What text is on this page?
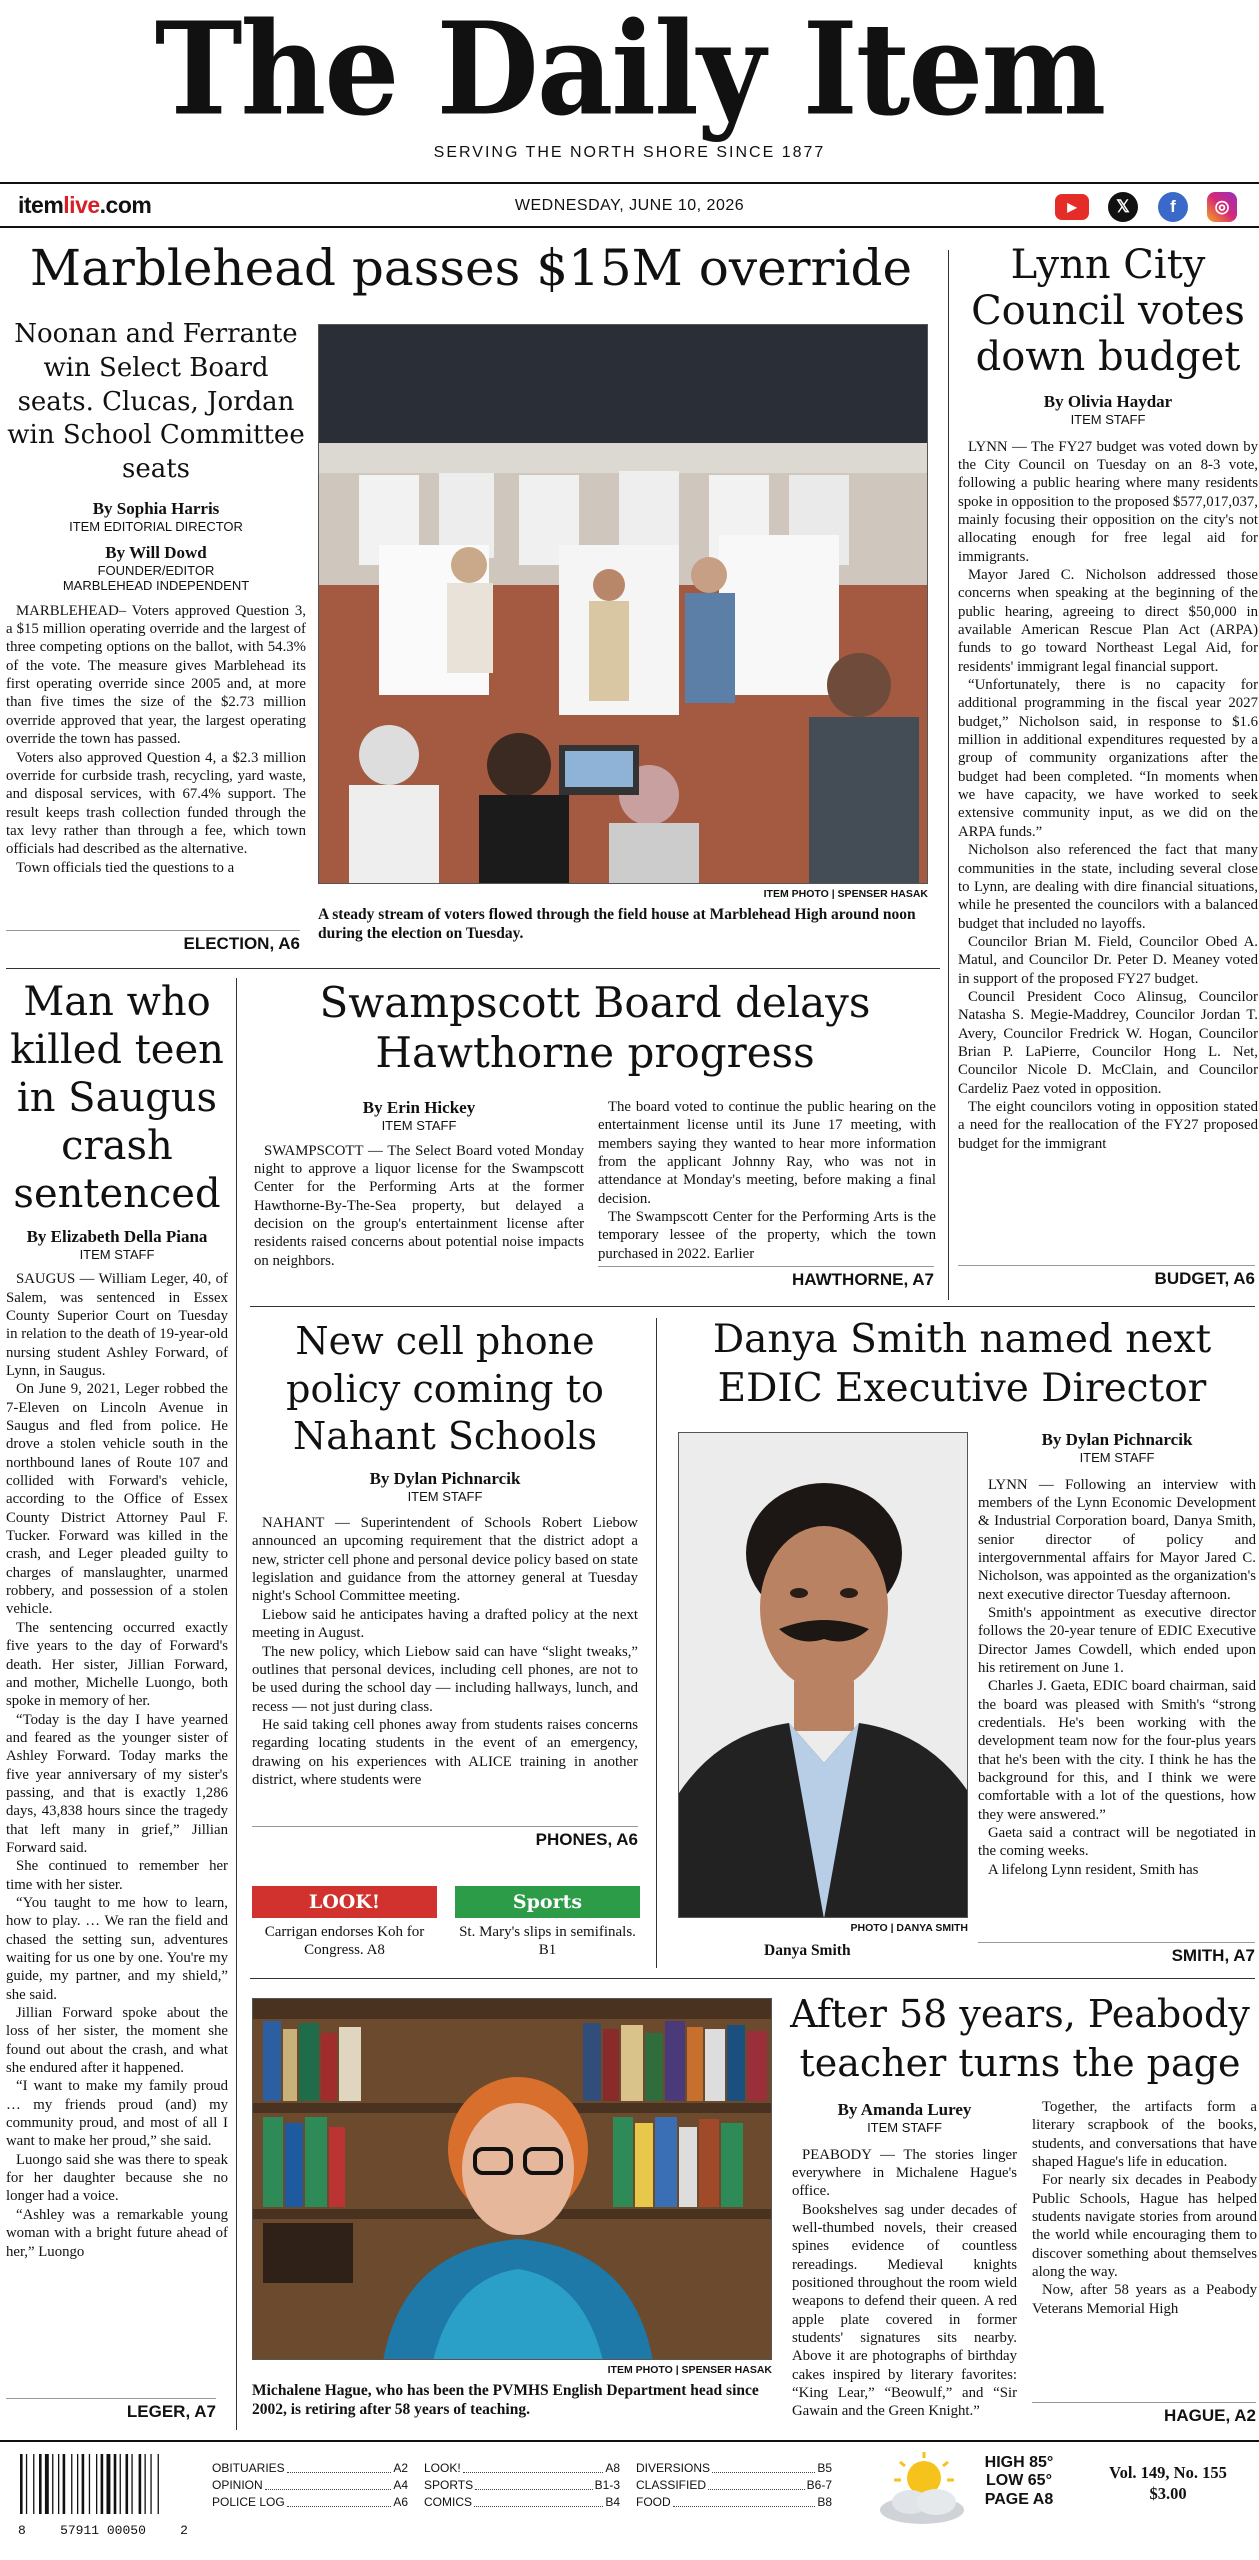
The Daily Item
SERVING THE NORTH SHORE SINCE 1877
itemlive.com	WEDNESDAY, JUNE 10, 2026	▶	𝕏	f	◎
Marblehead passes $15M override
Noonan and Ferrante win Select Board seats. Clucas, Jordan win School Committee seats
By Sophia Harris
ITEM EDITORIAL DIRECTOR
By Will Dowd
FOUNDER/EDITOR
MARBLEHEAD INDEPENDENT

MARBLEHEAD– Voters approved Question 3, a $15 million operating override and the largest of three competing options on the ballot, with 54.3% of the vote. The measure gives Marblehead its first operating override since 2005 and, at more than five times the size of the $2.73 million override approved that year, the largest operating override the town has passed.

Voters also approved Question 4, a $2.3 million override for curbside trash, recycling, yard waste, and disposal services, with 67.4% support. The result keeps trash collection funded through the tax levy rather than through a fee, which town officials had described as the alternative.

Town officials tied the questions to a

ELECTION, A6
ITEM PHOTO | SPENSER HASAK
A steady stream of voters flowed through the field house at Marblehead High around noon during the election on Tuesday.
Lynn City Council votes down budget
By Olivia Haydar
ITEM STAFF

LYNN — The FY27 budget was voted down by the City Council on Tuesday on an 8-3 vote, following a public hearing where many residents spoke in opposition to the proposed $577,017,037, mainly focusing their opposition on the city's not allocating enough for free legal aid for immigrants.

Mayor Jared C. Nicholson addressed those concerns when speaking at the beginning of the public hearing, agreeing to direct $50,000 in available American Rescue Plan Act (ARPA) funds to go toward Northeast Legal Aid, for residents' immigrant legal financial support.

“Unfortunately, there is no capacity for additional programming in the fiscal year 2027 budget,” Nicholson said, in response to $1.6 million in additional expenditures requested by a group of community organizations after the budget had been completed. “In moments when we have capacity, we have worked to seek extensive community input, as we did on the ARPA funds.”

Nicholson also referenced the fact that many communities in the state, including several close to Lynn, are dealing with dire financial situations, while he presented the councilors with a balanced budget that included no layoffs.

Councilor Brian M. Field, Councilor Obed A. Matul, and Councilor Dr. Peter D. Meaney voted in support of the proposed FY27 budget.

Council President Coco Alinsug, Councilor Natasha S. Megie-Maddrey, Councilor Jordan T. Avery, Councilor Fredrick W. Hogan, Councilor Brian P. LaPierre, Councilor Hong L. Net, Councilor Nicole D. McClain, and Councilor Cardeliz Paez voted in opposition.

The eight councilors voting in opposition stated a need for the reallocation of the FY27 proposed budget for the immigrant

BUDGET, A6
Man who killed teen in Saugus crash sentenced
By Elizabeth Della Piana
ITEM STAFF

SAUGUS — William Leger, 40, of Salem, was sentenced in Essex County Superior Court on Tuesday in relation to the death of 19-year-old nursing student Ashley Forward, of Lynn, in Saugus.

On June 9, 2021, Leger robbed the 7-Eleven on Lincoln Avenue in Saugus and fled from police. He drove a stolen vehicle south in the northbound lanes of Route 107 and collided with Forward's vehicle, according to the Office of Essex County District Attorney Paul F. Tucker. Forward was killed in the crash, and Leger pleaded guilty to charges of manslaughter, unarmed robbery, and possession of a stolen vehicle.

The sentencing occurred exactly five years to the day of Forward's death. Her sister, Jillian Forward, and mother, Michelle Luongo, both spoke in memory of her.

“Today is the day I have yearned and feared as the younger sister of Ashley Forward. Today marks the five year anniversary of my sister's passing, and that is exactly 1,286 days, 43,838 hours since the tragedy that left many in grief,” Jillian Forward said.

She continued to remember her time with her sister.

“You taught to me how to learn, how to play. … We ran the field and chased the setting sun, adventures waiting for us one by one. You're my guide, my partner, and my shield,” she said.

Jillian Forward spoke about the loss of her sister, the moment she found out about the crash, and what she endured after it happened.

“I want to make my family proud … my friends proud (and) my community proud, and most of all I want to make her proud,” she said.

Luongo said she was there to speak for her daughter because she no longer had a voice.

“Ashley was a remarkable young woman with a bright future ahead of her,” Luongo

LEGER, A7
Swampscott Board delays Hawthorne progress
By Erin Hickey
ITEM STAFF

SWAMPSCOTT — The Select Board voted Monday night to approve a liquor license for the Swampscott Center for the Performing Arts at the former Hawthorne-By-The-Sea property, but delayed a decision on the group's entertainment license after residents raised concerns about potential noise impacts on neighbors.

The board voted to continue the public hearing on the entertainment license until its June 17 meeting, with members saying they wanted to hear more information from the applicant Johnny Ray, who was not in attendance at Monday's meeting, before making a final decision.

The Swampscott Center for the Performing Arts is the temporary lessee of the property, which the town purchased in 2022. Earlier

HAWTHORNE, A7
New cell phone policy coming to Nahant Schools
By Dylan Pichnarcik
ITEM STAFF

NAHANT — Superintendent of Schools Robert Liebow announced an upcoming requirement that the district adopt a new, stricter cell phone and personal device policy based on state legislation and guidance from the attorney general at Tuesday night's School Committee meeting.

Liebow said he anticipates having a drafted policy at the next meeting in August.

The new policy, which Liebow said can have “slight tweaks,” outlines that personal devices, including cell phones, are not to be used during the school day — including hallways, lunch, and recess — not just during class.

He said taking cell phones away from students raises concerns regarding locating students in the event of an emergency, drawing on his experiences with ALICE training in another district, where students were

PHONES, A6
LOOK!
Carrigan endorses Koh for Congress. A8
Sports
St. Mary's slips in semifinals. B1
Danya Smith named next EDIC Executive Director
PHOTO | DANYA SMITH
Danya Smith
By Dylan Pichnarcik
ITEM STAFF

LYNN — Following an interview with members of the Lynn Economic Development & Industrial Corporation board, Danya Smith, senior director of policy and intergovernmental affairs for Mayor Jared C. Nicholson, was appointed as the organization's next executive director Tuesday afternoon.

Smith's appointment as executive director follows the 20-year tenure of EDIC Executive Director James Cowdell, which ended upon his retirement on June 1.

Charles J. Gaeta, EDIC board chairman, said the board was pleased with Smith's “strong credentials. He's been working with the development team now for the four-plus years that he's been with the city. I think he has the background for this, and I think we were comfortable with a lot of the questions, how they were answered.”

Gaeta said a contract will be negotiated in the coming weeks.

A lifelong Lynn resident, Smith has

SMITH, A7
ITEM PHOTO | SPENSER HASAK
Michalene Hague, who has been the PVMHS English Department head since 2002, is retiring after 58 years of teaching.
After 58 years, Peabody teacher turns the page
By Amanda Lurey
ITEM STAFF

PEABODY — The stories linger everywhere in Michalene Hague's office.

Bookshelves sag under decades of well-thumbed novels, their creased spines evidence of countless rereadings. Medieval knights positioned throughout the room wield weapons to defend their queen. A red apple plate covered in former students' signatures sits nearby. Above it are photographs of birthday cakes inspired by literary favorites: “King Lear,” “Beowulf,” and “Sir Gawain and the Green Knight.”

Together, the artifacts form a literary scrapbook of the books, students, and conversations that have shaped Hague's life in education.

For nearly six decades in Peabody Public Schools, Hague has helped students navigate stories from around the world while encouraging them to discover something about themselves along the way.

Now, after 58 years as a Peabody Veterans Memorial High

HAGUE, A2
8	57911 00050	2
OBITUARIES	A2
OPINION	A4
POLICE LOG	A6
LOOK!	A8
SPORTS	B1-3
COMICS	B4
DIVERSIONS	B5
CLASSIFIED	B6-7
FOOD	B8
HIGH 85°
LOW 65°
PAGE A8
Vol. 149, No. 155
$3.00
